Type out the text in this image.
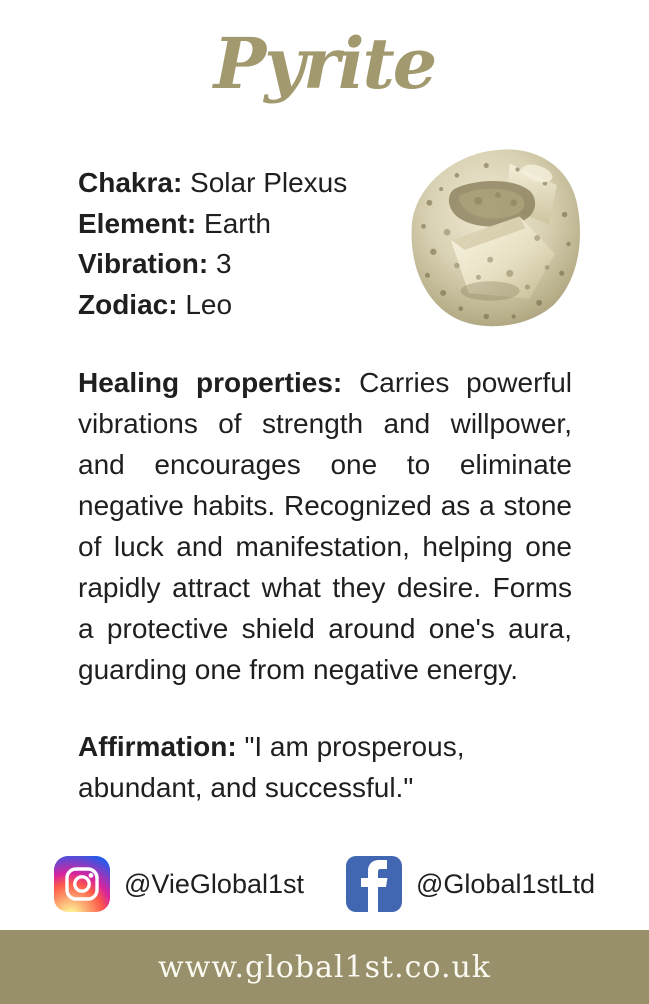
Pyrite
Chakra: Solar Plexus
Element: Earth
Vibration: 3
Zodiac: Leo
Healing properties: Carries powerful vibrations of strength and willpower, and encourages one to eliminate negative habits. Recognized as a stone of luck and manifestation, helping one rapidly attract what they desire. Forms a protective shield around one's aura, guarding one from negative energy.
Affirmation: "I am prosperous, abundant, and successful."
@VieGlobal1st	@Global1stLtd
www.global1st.co.uk
